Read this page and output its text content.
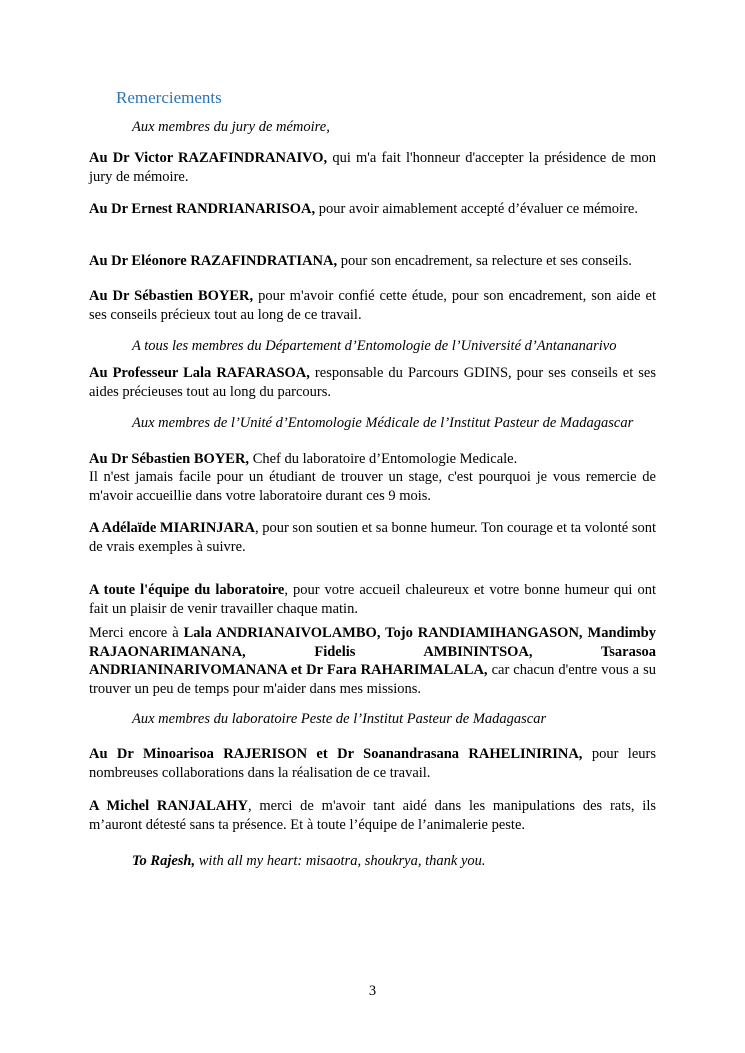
Remerciements

Aux membres du jury de mémoire,

Au Dr Victor RAZAFINDRANAIVO, qui m'a fait l'honneur d'accepter la présidence de mon jury de mémoire.

Au Dr Ernest RANDRIANARISOA, pour avoir aimablement accepté d’évaluer ce mémoire.

Au Dr Eléonore RAZAFINDRATIANA, pour son encadrement, sa relecture et ses conseils.

Au Dr Sébastien BOYER, pour m'avoir confié cette étude, pour son encadrement, son aide et ses conseils précieux tout au long de ce travail.

A tous les membres du Département d’Entomologie de l’Université d’Antananarivo

Au Professeur Lala RAFARASOA, responsable du Parcours GDINS, pour ses conseils et ses aides précieuses tout au long du parcours.

Aux membres de l’Unité d’Entomologie Médicale de l’Institut Pasteur de Madagascar

Au Dr Sébastien BOYER, Chef du laboratoire d’Entomologie Medicale.

Il n'est jamais facile pour un étudiant de trouver un stage, c'est pourquoi je vous remercie de m'avoir accueillie dans votre laboratoire durant ces 9 mois.

A Adélaïde MIARINJARA, pour son soutien et sa bonne humeur. Ton courage et ta volonté sont de vrais exemples à suivre.

A toute l'équipe du laboratoire, pour votre accueil chaleureux et votre bonne humeur qui ont fait un plaisir de venir travailler chaque matin.

Merci encore à Lala ANDRIANAIVOLAMBO, Tojo RANDIAMIHANGASON, Mandimby RAJAONARIMANANA, Fidelis AMBININTSOA, Tsarasoa ANDRIANINARIVOMANANA et Dr Fara RAHARIMALALA, car chacun d'entre vous a su trouver un peu de temps pour m'aider dans mes missions.

Aux membres du laboratoire Peste de l’Institut Pasteur de Madagascar

Au Dr Minoarisoa RAJERISON et Dr Soanandrasana RAHELINIRINA, pour leurs nombreuses collaborations dans la réalisation de ce travail.

A Michel RANJALAHY, merci de m'avoir tant aidé dans les manipulations des rats, ils m’auront détesté sans ta présence. Et à toute l’équipe de l’animalerie peste.

To Rajesh, with all my heart: misaotra, shoukrya, thank you.

3
